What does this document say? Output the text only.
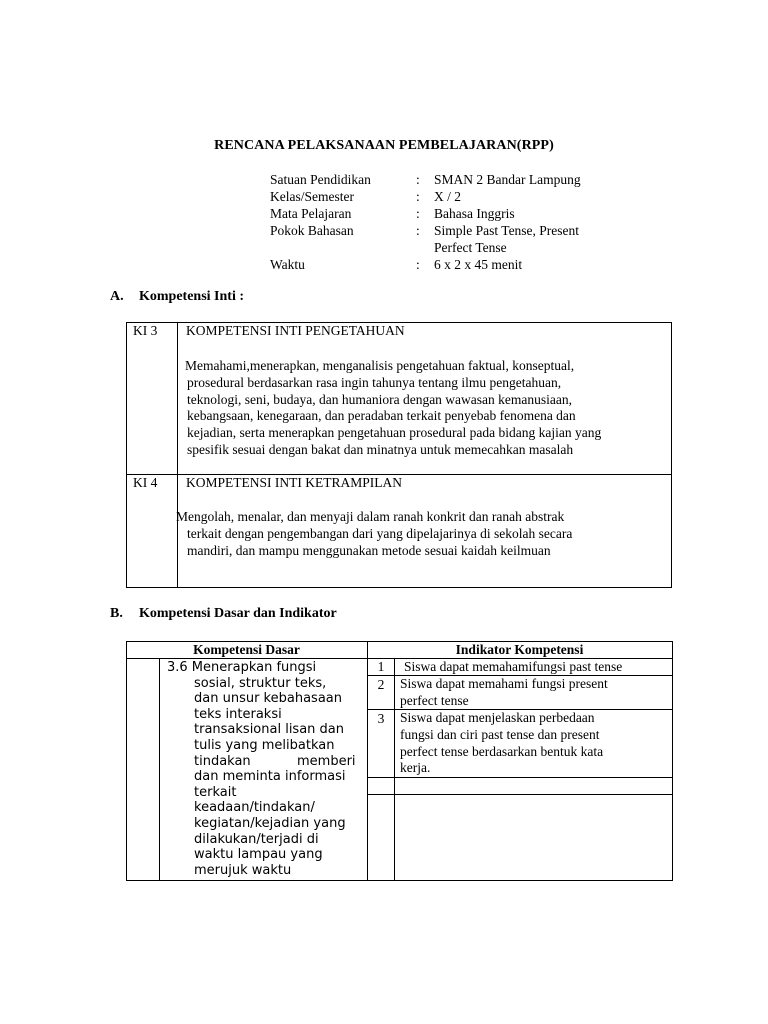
RENCANA PELAKSANAAN PEMBELAJARAN(RPP)
Satuan Pendidikan	: SMAN 2 Bandar Lampung
Kelas/Semester	: X / 2
Mata Pelajaran	: Bahasa Inggris
Pokok Bahasan	: Simple Past Tense, Present
Perfect Tense
Waktu	: 6 x 2 x 45 menit
A. Kompetensi Inti :
KI 3 KOMPETENSI INTI PENGETAHUAN
Memahami,menerapkan, menganalisis pengetahuan faktual, konseptual,
prosedural berdasarkan rasa ingin tahunya tentang ilmu pengetahuan,
teknologi, seni, budaya, dan humaniora dengan wawasan kemanusiaan,
kebangsaan, kenegaraan, dan peradaban terkait penyebab fenomena dan
kejadian, serta menerapkan pengetahuan prosedural pada bidang kajian yang
spesifik sesuai dengan bakat dan minatnya untuk memecahkan masalah
KI 4 KOMPETENSI INTI KETRAMPILAN
Mengolah, menalar, dan menyaji dalam ranah konkrit dan ranah abstrak
terkait dengan pengembangan dari yang dipelajarinya di sekolah secara
mandiri, dan mampu menggunakan metode sesuai kaidah keilmuan
B. Kompetensi Dasar dan Indikator
Kompetensi Dasar	Indikator Kompetensi
3.6 Menerapkan fungsi
sosial, struktur teks,
dan unsur kebahasaan
teks interaksi
transaksional lisan dan
tulis yang melibatkan
tindakan	memberi
dan meminta informasi
terkait
keadaan/tindakan/
kegiatan/kejadian yang
dilakukan/terjadi di
waktu lampau yang
merujuk waktu
1	Siswa dapat memahamifungsi past tense
2	Siswa dapat memahami fungsi present
perfect tense
3	Siswa dapat menjelaskan perbedaan
fungsi dan ciri past tense dan present
perfect tense berdasarkan bentuk kata
kerja.
